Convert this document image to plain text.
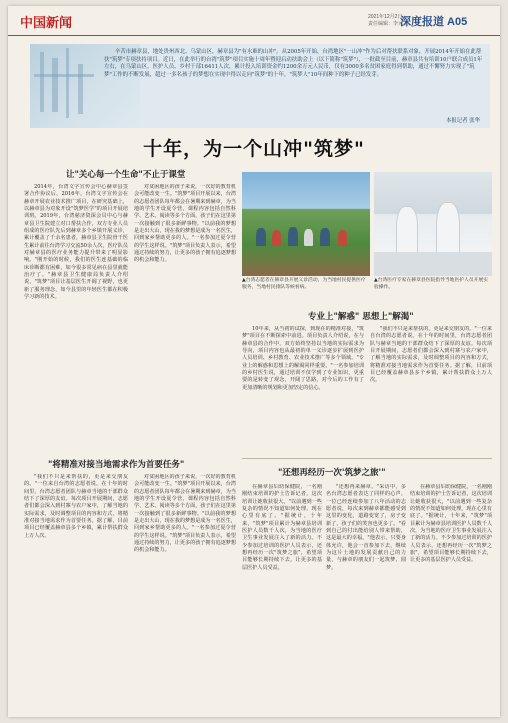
中国新闻	2021年12月2日
责任编辑：李元主
深度报道 A05
辛苦市赫章县，地处贵州西北、乌蒙山区，赫章县为"有水难的山冲"。从2005年开始，台湾地区"一山冲"作为后对帮扶联系对象，开展2014年开始在此帮扶"筑梦"专项扶持项目。近日，在此举行的台湾"筑梦"项目实施十周年暨迎启动扶助会上（以下简称"筑梦"），一批截至目前，赫章县共有培训10户联合成员1年左右，在乌蒙山区，医护人员、乡村干部16411人次，累计投入培训资金约1200余万元人民币，仅有3000多名贫困家庭得到帮助，通过不懈努力实现了"筑梦"工作的不断发展，超过一多名孩子的梦想在实现中得以走向"筑梦"的十年，"筑梦人"10年间种下的种子已经发芽。
本报记者 张华
十年，为一个山冲"筑梦"
让"关心每一个生命"不止于课堂
2014年，台湾文字宣传会中心赫章县签署合作协议后，2016年，台湾文字宣传会在赫章开展农业技术推广项目，在研究基础上，以赫章县为对象开设"筑梦医学"的项目开展培训班，2019年，台湾慈济资深会员中心与赫章县卫生院建立对口帮扶合作，双方专业人员组成的医疗队先后到赫章多个乡镇开展义诊，累计覆盖了千余名患者，赫章县卫生院骨干医生累计前往台湾学习交流50余人次，医疗队员对赫章县的医疗业务能力提升带来了明显影响。"刚开始的时候，我们的医生连基础的临床诊断都有困难，如今很多常见病在县里就能治疗了。"赫章县卫生健康局负责人介绍说，"筑梦"项目让基层医生开阔了视野，也更新了服务理念，如今县里的年轻医生都在积极学习新的技术。
对贫困地区的孩子来说，一次好的教育机会可能改变一生。"筑梦"项目开展以来，台湾的志愿者团队每年都会在暑期来到赫章，为当地的学生开设夏令营，课程内容包括自然科学、艺术、阅读等多个方面，孩子们在这里第一次接触到了很多新鲜事物。"以前我的梦想是走出大山，现在我的梦想是成为一名医生，回到家乡帮助更多的人。"一名参加过夏令营的学生这样说。"筑梦"项目负责人表示，希望通过持续的努力，让更多的孩子拥有追逐梦想的机会和能力。
▲台湾志愿者在赫章县开展义诊活动，为当地村民提供医疗服务，当地村民排队等候看病。
▲台湾医疗专家在赫章县医院指导当地医护人员开展实验操作。
专业上"解惑" 思想上"解渴"
10年来，从当初的试探，到现在的精准对接，"筑梦"项目在不断探索中前进。项目负责人介绍说，在与赫章县的合作中，双方始终坚持以当地的实际需求为导向，项目内容也从最初的单一义诊逐步扩展到医护人员培训、乡村教育、农业技术推广等多个领域。"专业上的解惑和思想上的解渴同样重要。"一名参加培训的乡村医生说，通过培训不仅学到了专业知识，更重要的是转变了观念，开阔了思路，对今后的工作有了更加清晰的规划和更加坚定的信心。
"我们不只是来帮扶的，更是来交朋友的。"一位来自台湾的志愿者说。在十年的时间里，台湾志愿者团队与赫章当地的干部群众结下了深厚的友谊。每次项目开展期间，志愿者们都会深入到村寨与农户家中，了解当地的实际需求，及时调整项目的内容和方式，将精准对接当地需求作为首要任务。据了解，目前项目已经覆盖赫章县多个乡镇，累计帮扶群众上万人次。
"将精准对接当地需求作为首要任务"
"我们不只是来帮扶的，更是来交朋友的。"一位来自台湾的志愿者说。在十年的时间里，台湾志愿者团队与赫章当地的干部群众结下了深厚的友谊。每次项目开展期间，志愿者们都会深入到村寨与农户家中，了解当地的实际需求，及时调整项目的内容和方式，将精准对接当地需求作为首要任务。据了解，目前项目已经覆盖赫章县多个乡镇，累计帮扶群众上万人次。
对贫困地区的孩子来说，一次好的教育机会可能改变一生。"筑梦"项目开展以来，台湾的志愿者团队每年都会在暑期来到赫章，为当地的学生开设夏令营，课程内容包括自然科学、艺术、阅读等多个方面，孩子们在这里第一次接触到了很多新鲜事物。"以前我的梦想是走出大山，现在我的梦想是成为一名医生，回到家乡帮助更多的人。"一名参加过夏令营的学生这样说。"筑梦"项目负责人表示，希望通过持续的努力，让更多的孩子拥有追逐梦想的机会和能力。
"还想再经历一次'筑梦之旅'"
在赫章县妇幼保健院，一名刚刚结束培训的护士告诉记者，这次培训让她收获很大，"以前遇到一些复杂的情况不知道如何处理，现在心里有底了。"据统计，十年来，"筑梦"项目累计为赫章县培训医护人员数千人次，为当地的医疗卫生事业发展注入了新的活力。不少参加过培训的医护人员表示，还想再经历一次"筑梦之旅"，希望项目能够长期持续下去，让更多的基层医护人员受益。
"还想再来赫章。"采访中，多名台湾志愿者表达了同样的心声。一位已经连续参加了八年活动的志愿者说，每次来到赫章都能感受到这里的变化，道路变宽了，房子变新了，孩子们的笑容也更多了。"看到自己的付出能给别人带来帮助，这是最大的幸福。"他表示，只要身体允许，他会一直参加下去，继续为这片土地的发展贡献自己的力量，与赫章的朋友们一起筑梦、圆梦。
在赫章县妇幼保健院，一名刚刚结束培训的护士告诉记者，这次培训让她收获很大，"以前遇到一些复杂的情况不知道如何处理，现在心里有底了。"据统计，十年来，"筑梦"项目累计为赫章县培训医护人员数千人次，为当地的医疗卫生事业发展注入了新的活力。不少参加过培训的医护人员表示，还想再经历一次"筑梦之旅"，希望项目能够长期持续下去，让更多的基层医护人员受益。
